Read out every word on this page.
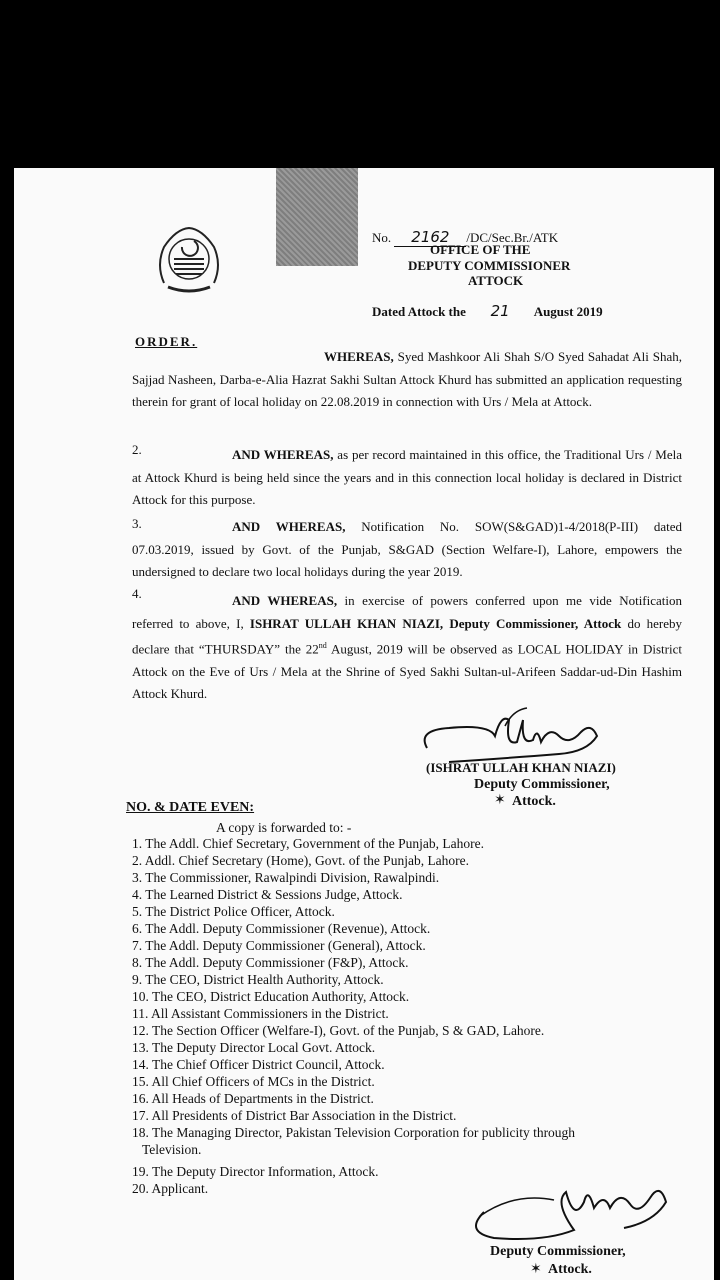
No. 2162 /DC/Sec.Br./ATK
OFFICE OF THE
DEPUTY COMMISSIONER
ATTOCK
Dated Attock the 21 August 2019
ORDER.
WHEREAS, Syed Mashkoor Ali Shah S/O Syed Sahadat Ali Shah, Sajjad Nasheen, Darba-e-Alia Hazrat Sakhi Sultan Attock Khurd has submitted an application requesting therein for grant of local holiday on 22.08.2019 in connection with Urs / Mela at Attock.
2.	AND WHEREAS, as per record maintained in this office, the Traditional Urs / Mela at Attock Khurd is being held since the years and in this connection local holiday is declared in District Attock for this purpose.
3.	AND WHEREAS, Notification No. SOW(S&GAD)1-4/2018(P-III) dated 07.03.2019, issued by Govt. of the Punjab, S&GAD (Section Welfare-I), Lahore, empowers the undersigned to declare two local holidays during the year 2019.
4.	AND WHEREAS, in exercise of powers conferred upon me vide Notification referred to above, I, ISHRAT ULLAH KHAN NIAZI, Deputy Commissioner, Attock do hereby declare that “THURSDAY” the 22nd August, 2019 will be observed as LOCAL HOLIDAY in District Attock on the Eve of Urs / Mela at the Shrine of Syed Sakhi Sultan-ul-Arifeen Saddar-ud-Din Hashim Attock Khurd.
(ISHRAT ULLAH KHAN NIAZI)
Deputy Commissioner,
Attock.
✶
NO. & DATE EVEN:
A copy is forwarded to: -
1. The Addl. Chief Secretary, Government of the Punjab, Lahore.
2. Addl. Chief Secretary (Home), Govt. of the Punjab, Lahore.
3. The Commissioner, Rawalpindi Division, Rawalpindi.
4. The Learned District & Sessions Judge, Attock.
5. The District Police Officer, Attock.
6. The Addl. Deputy Commissioner (Revenue), Attock.
7. The Addl. Deputy Commissioner (General), Attock.
8. The Addl. Deputy Commissioner (F&P), Attock.
9. The CEO, District Health Authority, Attock.
10. The CEO, District Education Authority, Attock.
11. All Assistant Commissioners in the District.
12. The Section Officer (Welfare-I), Govt. of the Punjab, S & GAD, Lahore.
13. The Deputy Director Local Govt. Attock.
14. The Chief Officer District Council, Attock.
15. All Chief Officers of MCs in the District.
16. All Heads of Departments in the District.
17. All Presidents of District Bar Association in the District.
18. The Managing Director, Pakistan Television Corporation for publicity through
Television.
19. The Deputy Director Information, Attock.
20. Applicant.
Deputy Commissioner,
✶ Attock.
